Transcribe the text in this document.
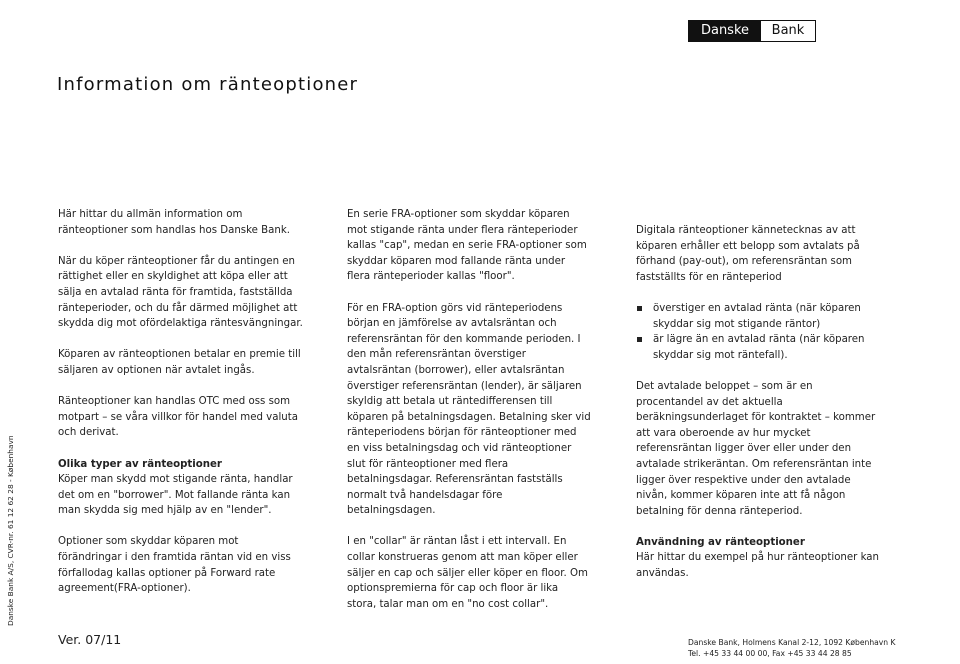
Danske	Bank
Information om ränteoptioner

Här hittar du allmän information om
ränteoptioner som handlas hos Danske Bank.

När du köper ränteoptioner får du antingen en
rättighet eller en skyldighet att köpa eller att
sälja en avtalad ränta för framtida, fastställda
ränteperioder, och du får därmed möjlighet att
skydda dig mot ofördelaktiga räntesvängningar.

Köparen av ränteoptionen betalar en premie till
säljaren av optionen när avtalet ingås.

Ränteoptioner kan handlas OTC med oss som
motpart – se våra villkor för handel med valuta
och derivat.

Olika typer av ränteoptioner
Köper man skydd mot stigande ränta, handlar
det om en "borrower". Mot fallande ränta kan
man skydda sig med hjälp av en "lender".

Optioner som skyddar köparen mot
förändringar i den framtida räntan vid en viss
förfallodag kallas optioner på Forward rate
agreement(FRA-optioner).

En serie FRA-optioner som skyddar köparen
mot stigande ränta under flera ränteperioder
kallas "cap", medan en serie FRA-optioner som
skyddar köparen mod fallande ränta under
flera ränteperioder kallas "floor".

För en FRA-option görs vid ränteperiodens
början en jämförelse av avtalsräntan och
referensräntan för den kommande perioden. I
den mån referensräntan överstiger
avtalsräntan (borrower), eller avtalsräntan
överstiger referensräntan (lender), är säljaren
skyldig att betala ut räntedifferensen till
köparen på betalningsdagen. Betalning sker vid
ränteperiodens början för ränteoptioner med
en viss betalningsdag och vid ränteoptioner
slut för ränteoptioner med flera
betalningsdagar. Referensräntan fastställs
normalt två handelsdagar före
betalningsdagen.

I en "collar" är räntan låst i ett intervall. En
collar konstrueras genom att man köper eller
säljer en cap och säljer eller köper en floor. Om
optionspremierna för cap och floor är lika
stora, talar man om en "no cost collar".

Digitala ränteoptioner kännetecknas av att
köparen erhåller ett belopp som avtalats på
förhand (pay-out), om referensräntan som
fastställts för en ränteperiod

överstiger en avtalad ränta (när köparen
skyddar sig mot stigande räntor)
är lägre än en avtalad ränta (när köparen
skyddar sig mot räntefall).

Det avtalade beloppet – som är en
procentandel av det aktuella
beräkningsunderlaget för kontraktet – kommer
att vara oberoende av hur mycket
referensräntan ligger över eller under den
avtalade strikeräntan. Om referensräntan inte
ligger över respektive under den avtalade
nivån, kommer köparen inte att få någon
betalning för denna ränteperiod.

Användning av ränteoptioner
Här hittar du exempel på hur ränteoptioner kan
användas.

Danske Bank A/S, CVR-nr. 61 12 62 28 - København
Ver. 07/11	Danske Bank, Holmens Kanal 2-12, 1092 København K
Tel. +45 33 44 00 00, Fax +45 33 44 28 85
